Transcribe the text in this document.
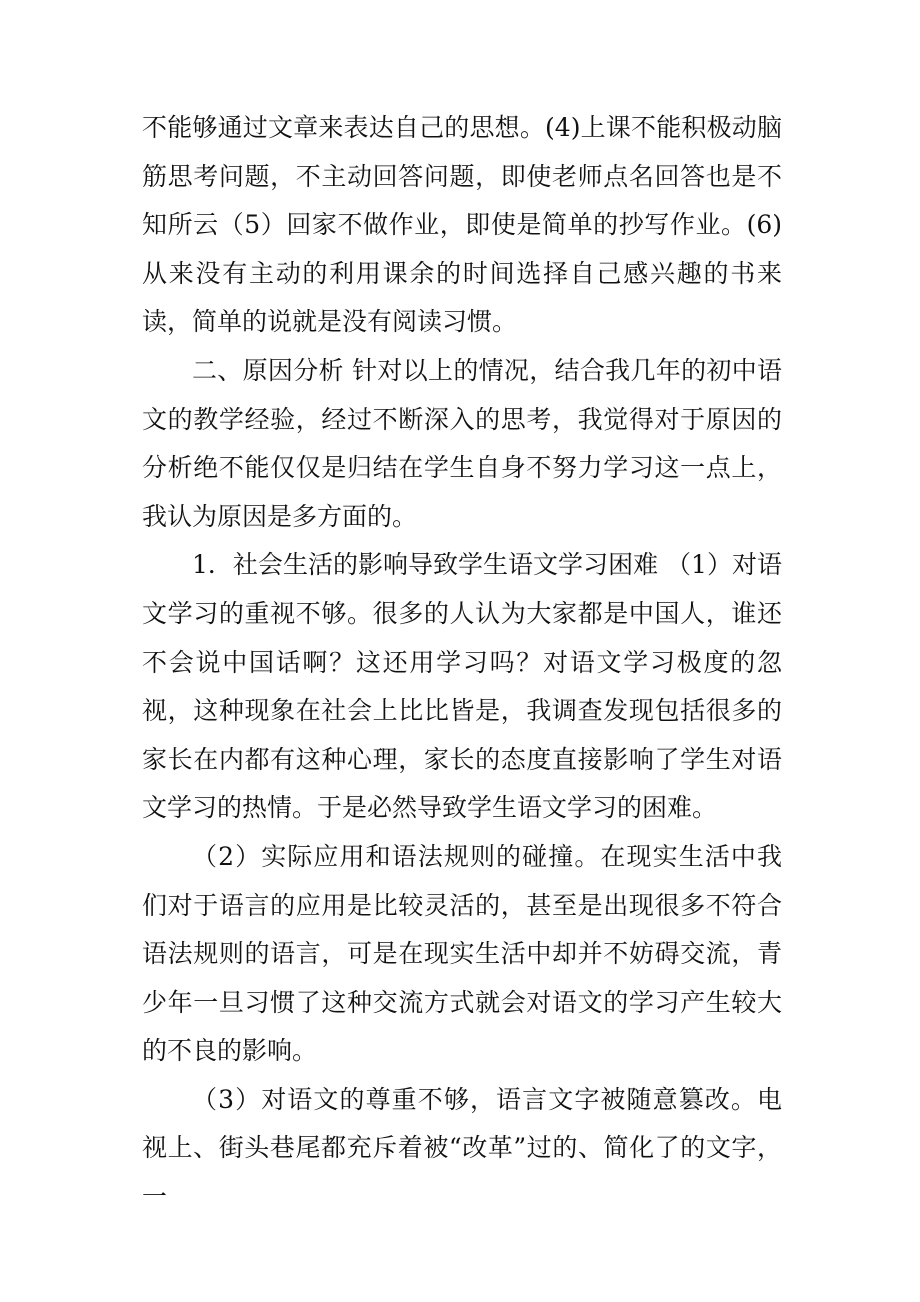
不能够通过文章来表达自己的思想。(4)上课不能积极动脑筋思考问题，不主动回答问题，即使老师点名回答也是不知所云（5）回家不做作业，即使是简单的抄写作业。(6)从来没有主动的利用课余的时间选择自己感兴趣的书来读，简单的说就是没有阅读习惯。

二、原因分析 针对以上的情况，结合我几年的初中语文的教学经验，经过不断深入的思考，我觉得对于原因的分析绝不能仅仅是归结在学生自身不努力学习这一点上，我认为原因是多方面的。

1．社会生活的影响导致学生语文学习困难 （1）对语文学习的重视不够。很多的人认为大家都是中国人，谁还不会说中国话啊？这还用学习吗？对语文学习极度的忽视，这种现象在社会上比比皆是，我调查发现包括很多的家长在内都有这种心理，家长的态度直接影响了学生对语文学习的热情。于是必然导致学生语文学习的困难。

（2）实际应用和语法规则的碰撞。在现实生活中我们对于语言的应用是比较灵活的，甚至是出现很多不符合语法规则的语言，可是在现实生活中却并不妨碍交流，青少年一旦习惯了这种交流方式就会对语文的学习产生较大的不良的影响。

（3）对语文的尊重不够，语言文字被随意篡改。电视上、街头巷尾都充斥着被“改革”过的、简化了的文字，一
